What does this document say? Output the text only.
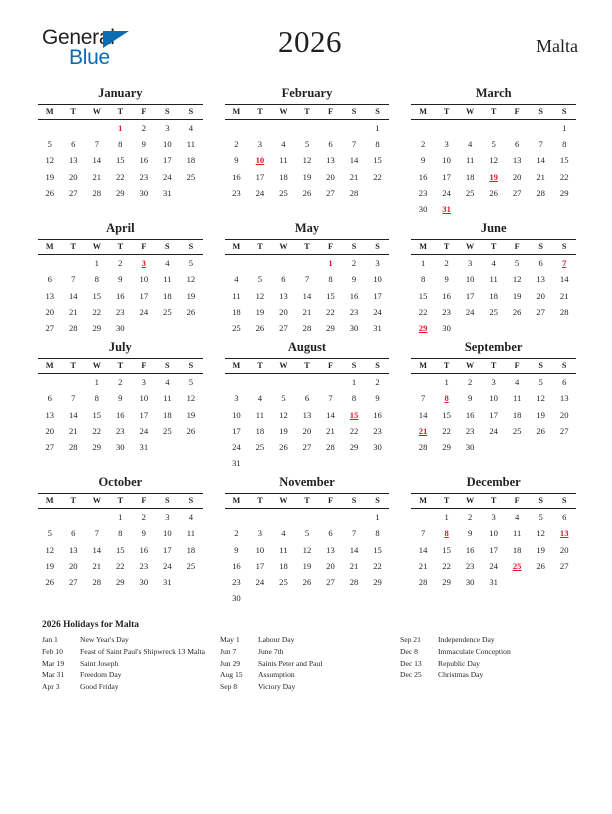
General
Blue	2026	Malta
January
M	T	W	T	F	S	S
			1	2	3	4
5	6	7	8	9	10	11
12	13	14	15	16	17	18
19	20	21	22	23	24	25
26	27	28	29	30	31	
February
M	T	W	T	F	S	S
						1
2	3	4	5	6	7	8
9	10	11	12	13	14	15
16	17	18	19	20	21	22
23	24	25	26	27	28	
March
M	T	W	T	F	S	S
						1
2	3	4	5	6	7	8
9	10	11	12	13	14	15
16	17	18	19	20	21	22
23	24	25	26	27	28	29
30	31					
April
M	T	W	T	F	S	S
		1	2	3	4	5
6	7	8	9	10	11	12
13	14	15	16	17	18	19
20	21	22	23	24	25	26
27	28	29	30			
May
M	T	W	T	F	S	S
				1	2	3
4	5	6	7	8	9	10
11	12	13	14	15	16	17
18	19	20	21	22	23	24
25	26	27	28	29	30	31
June
M	T	W	T	F	S	S
1	2	3	4	5	6	7
8	9	10	11	12	13	14
15	16	17	18	19	20	21
22	23	24	25	26	27	28
29	30					
July
M	T	W	T	F	S	S
		1	2	3	4	5
6	7	8	9	10	11	12
13	14	15	16	17	18	19
20	21	22	23	24	25	26
27	28	29	30	31		
August
M	T	W	T	F	S	S
					1	2
3	4	5	6	7	8	9
10	11	12	13	14	15	16
17	18	19	20	21	22	23
24	25	26	27	28	29	30
31						
September
M	T	W	T	F	S	S
	1	2	3	4	5	6
7	8	9	10	11	12	13
14	15	16	17	18	19	20
21	22	23	24	25	26	27
28	29	30				
October
M	T	W	T	F	S	S
			1	2	3	4
5	6	7	8	9	10	11
12	13	14	15	16	17	18
19	20	21	22	23	24	25
26	27	28	29	30	31	
November
M	T	W	T	F	S	S
						1
2	3	4	5	6	7	8
9	10	11	12	13	14	15
16	17	18	19	20	21	22
23	24	25	26	27	28	29
30						
December
M	T	W	T	F	S	S
	1	2	3	4	5	6
7	8	9	10	11	12	13
14	15	16	17	18	19	20
21	22	23	24	25	26	27
28	29	30	31			
2026 Holidays for Malta
Jan 1	New Year's Day
Feb 10	Feast of Saint Paul's Shipwreck 13 Malta
Mar 19	Saint Joseph
Mar 31	Freedom Day
Apr 3	Good Friday
May 1	Labour Day
Jun 7	June 7th
Jun 29	Saints Peter and Paul
Aug 15	Assumption
Sep 8	Victory Day
Sep 21	Independence Day
Dec 8	Immaculate Conception
Dec 13	Republic Day
Dec 25	Christmas Day
